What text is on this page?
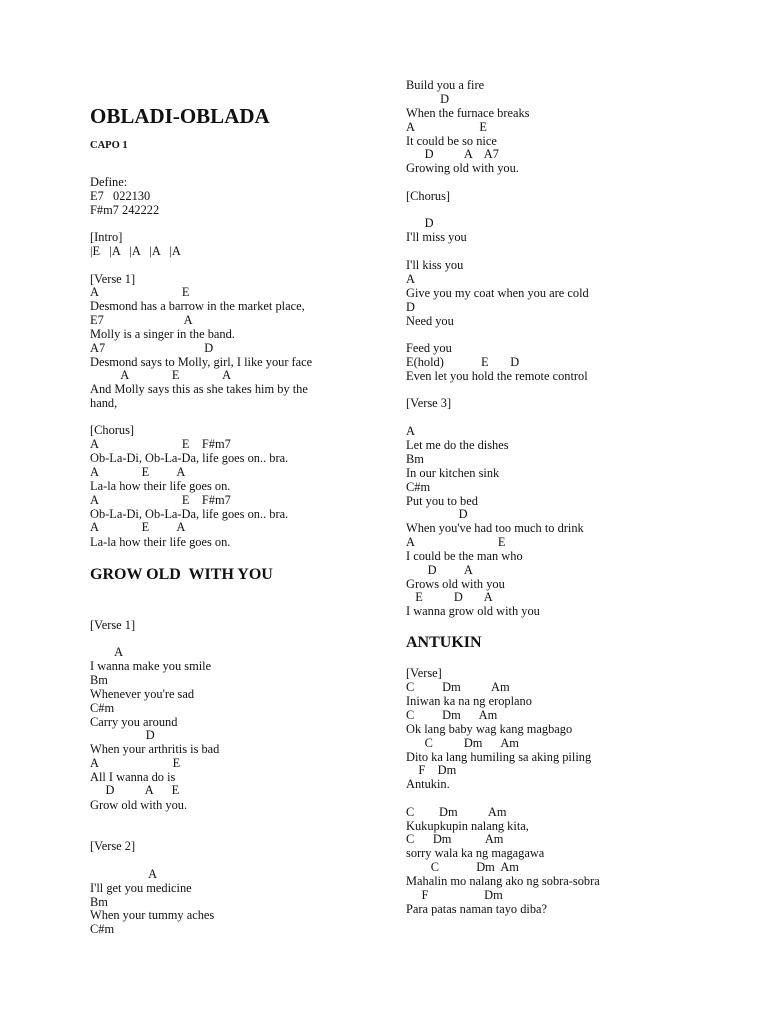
OBLADI-OBLADA
CAPO 1
Define:
E7   022130
F#m7 242222
[Intro]
|E   |A   |A   |A   |A
[Verse 1]
A                           E
Desmond has a barrow in the market place,
E7                          A
Molly is a singer in the band.
A7                                D
Desmond says to Molly, girl, I like your face
A              E              A
And Molly says this as she takes him by the
hand,
[Chorus]
A                           E    F#m7
Ob-La-Di, Ob-La-Da, life goes on.. bra.
A              E         A
La-la how their life goes on.
A                           E    F#m7
Ob-La-Di, Ob-La-Da, life goes on.. bra.
A              E         A
La-la how their life goes on.
GROW OLD  WITH YOU
[Verse 1]
A
I wanna make you smile
Bm
Whenever you're sad
C#m
Carry you around
D
When your arthritis is bad
A                        E
All I wanna do is
D          A      E
Grow old with you.
[Verse 2]
A
I'll get you medicine
Bm
When your tummy aches
C#m
Build you a fire
D
When the furnace breaks
A                     E
It could be so nice
D          A    A7
Growing old with you.
[Chorus]
D
I'll miss you
I'll kiss you
A
Give you my coat when you are cold
D
Need you
Feed you
E(hold)            E       D
Even let you hold the remote control
[Verse 3]
A
Let me do the dishes
Bm
In our kitchen sink
C#m
Put you to bed
D
When you've had too much to drink
A                           E
I could be the man who
D         A
Grows old with you
E          D       A
I wanna grow old with you
ANTUKIN
[Verse]
C         Dm          Am
Iniwan ka na ng eroplano
C         Dm      Am
Ok lang baby wag kang magbago
C          Dm      Am
Dito ka lang humiling sa aking piling
F    Dm
Antukin.
C        Dm          Am
Kukupkupin nalang kita,
C      Dm           Am
sorry wala ka ng magagawa
C            Dm  Am
Mahalin mo nalang ako ng sobra-sobra
F                  Dm
Para patas naman tayo diba?
